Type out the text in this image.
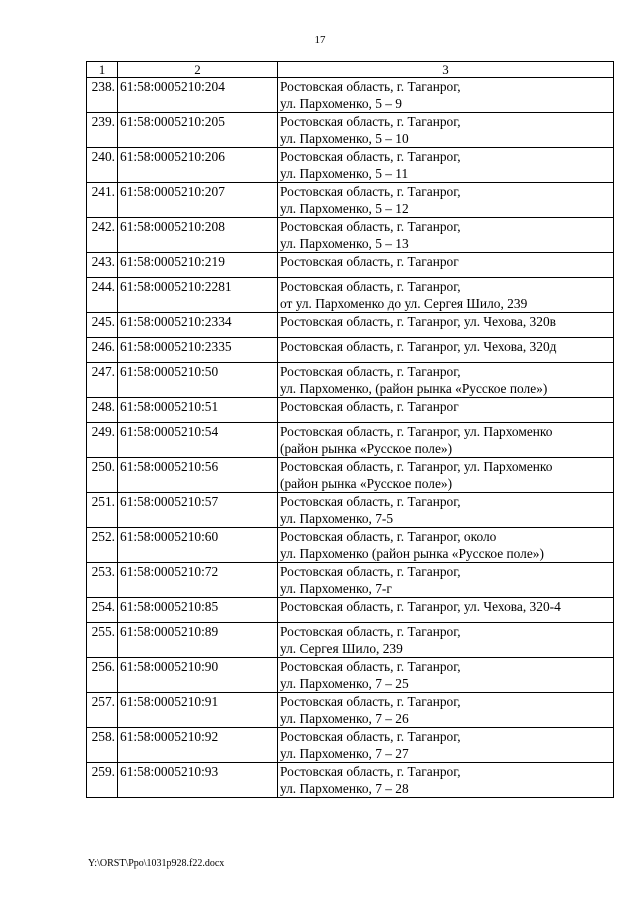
17
1	2	3
238.	61:58:0005210:204	Ростовская область, г. Таганрог,
ул. Пархоменко, 5 – 9

239.	61:58:0005210:205	Ростовская область, г. Таганрог,
ул. Пархоменко, 5 – 10

240.	61:58:0005210:206	Ростовская область, г. Таганрог,
ул. Пархоменко, 5 – 11

241.	61:58:0005210:207	Ростовская область, г. Таганрог,
ул. Пархоменко, 5 – 12

242.	61:58:0005210:208	Ростовская область, г. Таганрог,
ул. Пархоменко, 5 – 13

243.	61:58:0005210:219	Ростовская область, г. Таганрог

244.	61:58:0005210:2281	Ростовская область, г. Таганрог,
от ул. Пархоменко до ул. Сергея Шило, 239

245.	61:58:0005210:2334	Ростовская область, г. Таганрог, ул. Чехова, 320в

246.	61:58:0005210:2335	Ростовская область, г. Таганрог, ул. Чехова, 320д

247.	61:58:0005210:50	Ростовская область, г. Таганрог,
ул. Пархоменко, (район рынка «Русское поле»)

248.	61:58:0005210:51	Ростовская область, г. Таганрог

249.	61:58:0005210:54	Ростовская область, г. Таганрог, ул. Пархоменко
(район рынка «Русское поле»)

250.	61:58:0005210:56	Ростовская область, г. Таганрог, ул. Пархоменко
(район рынка «Русское поле»)

251.	61:58:0005210:57	Ростовская область, г. Таганрог,
ул. Пархоменко, 7-5

252.	61:58:0005210:60	Ростовская область, г. Таганрог, около
ул. Пархоменко (район рынка «Русское поле»)

253.	61:58:0005210:72	Ростовская область, г. Таганрог,
ул. Пархоменко, 7-г

254.	61:58:0005210:85	Ростовская область, г. Таганрог, ул. Чехова, 320-4

255.	61:58:0005210:89	Ростовская область, г. Таганрог,
ул. Сергея Шило, 239

256.	61:58:0005210:90	Ростовская область, г. Таганрог,
ул. Пархоменко, 7 – 25

257.	61:58:0005210:91	Ростовская область, г. Таганрог,
ул. Пархоменко, 7 – 26

258.	61:58:0005210:92	Ростовская область, г. Таганрог,
ул. Пархоменко, 7 – 27

259.	61:58:0005210:93	Ростовская область, г. Таганрог,
ул. Пархоменко, 7 – 28
Y:\ORST\Ppo\1031p928.f22.docx
